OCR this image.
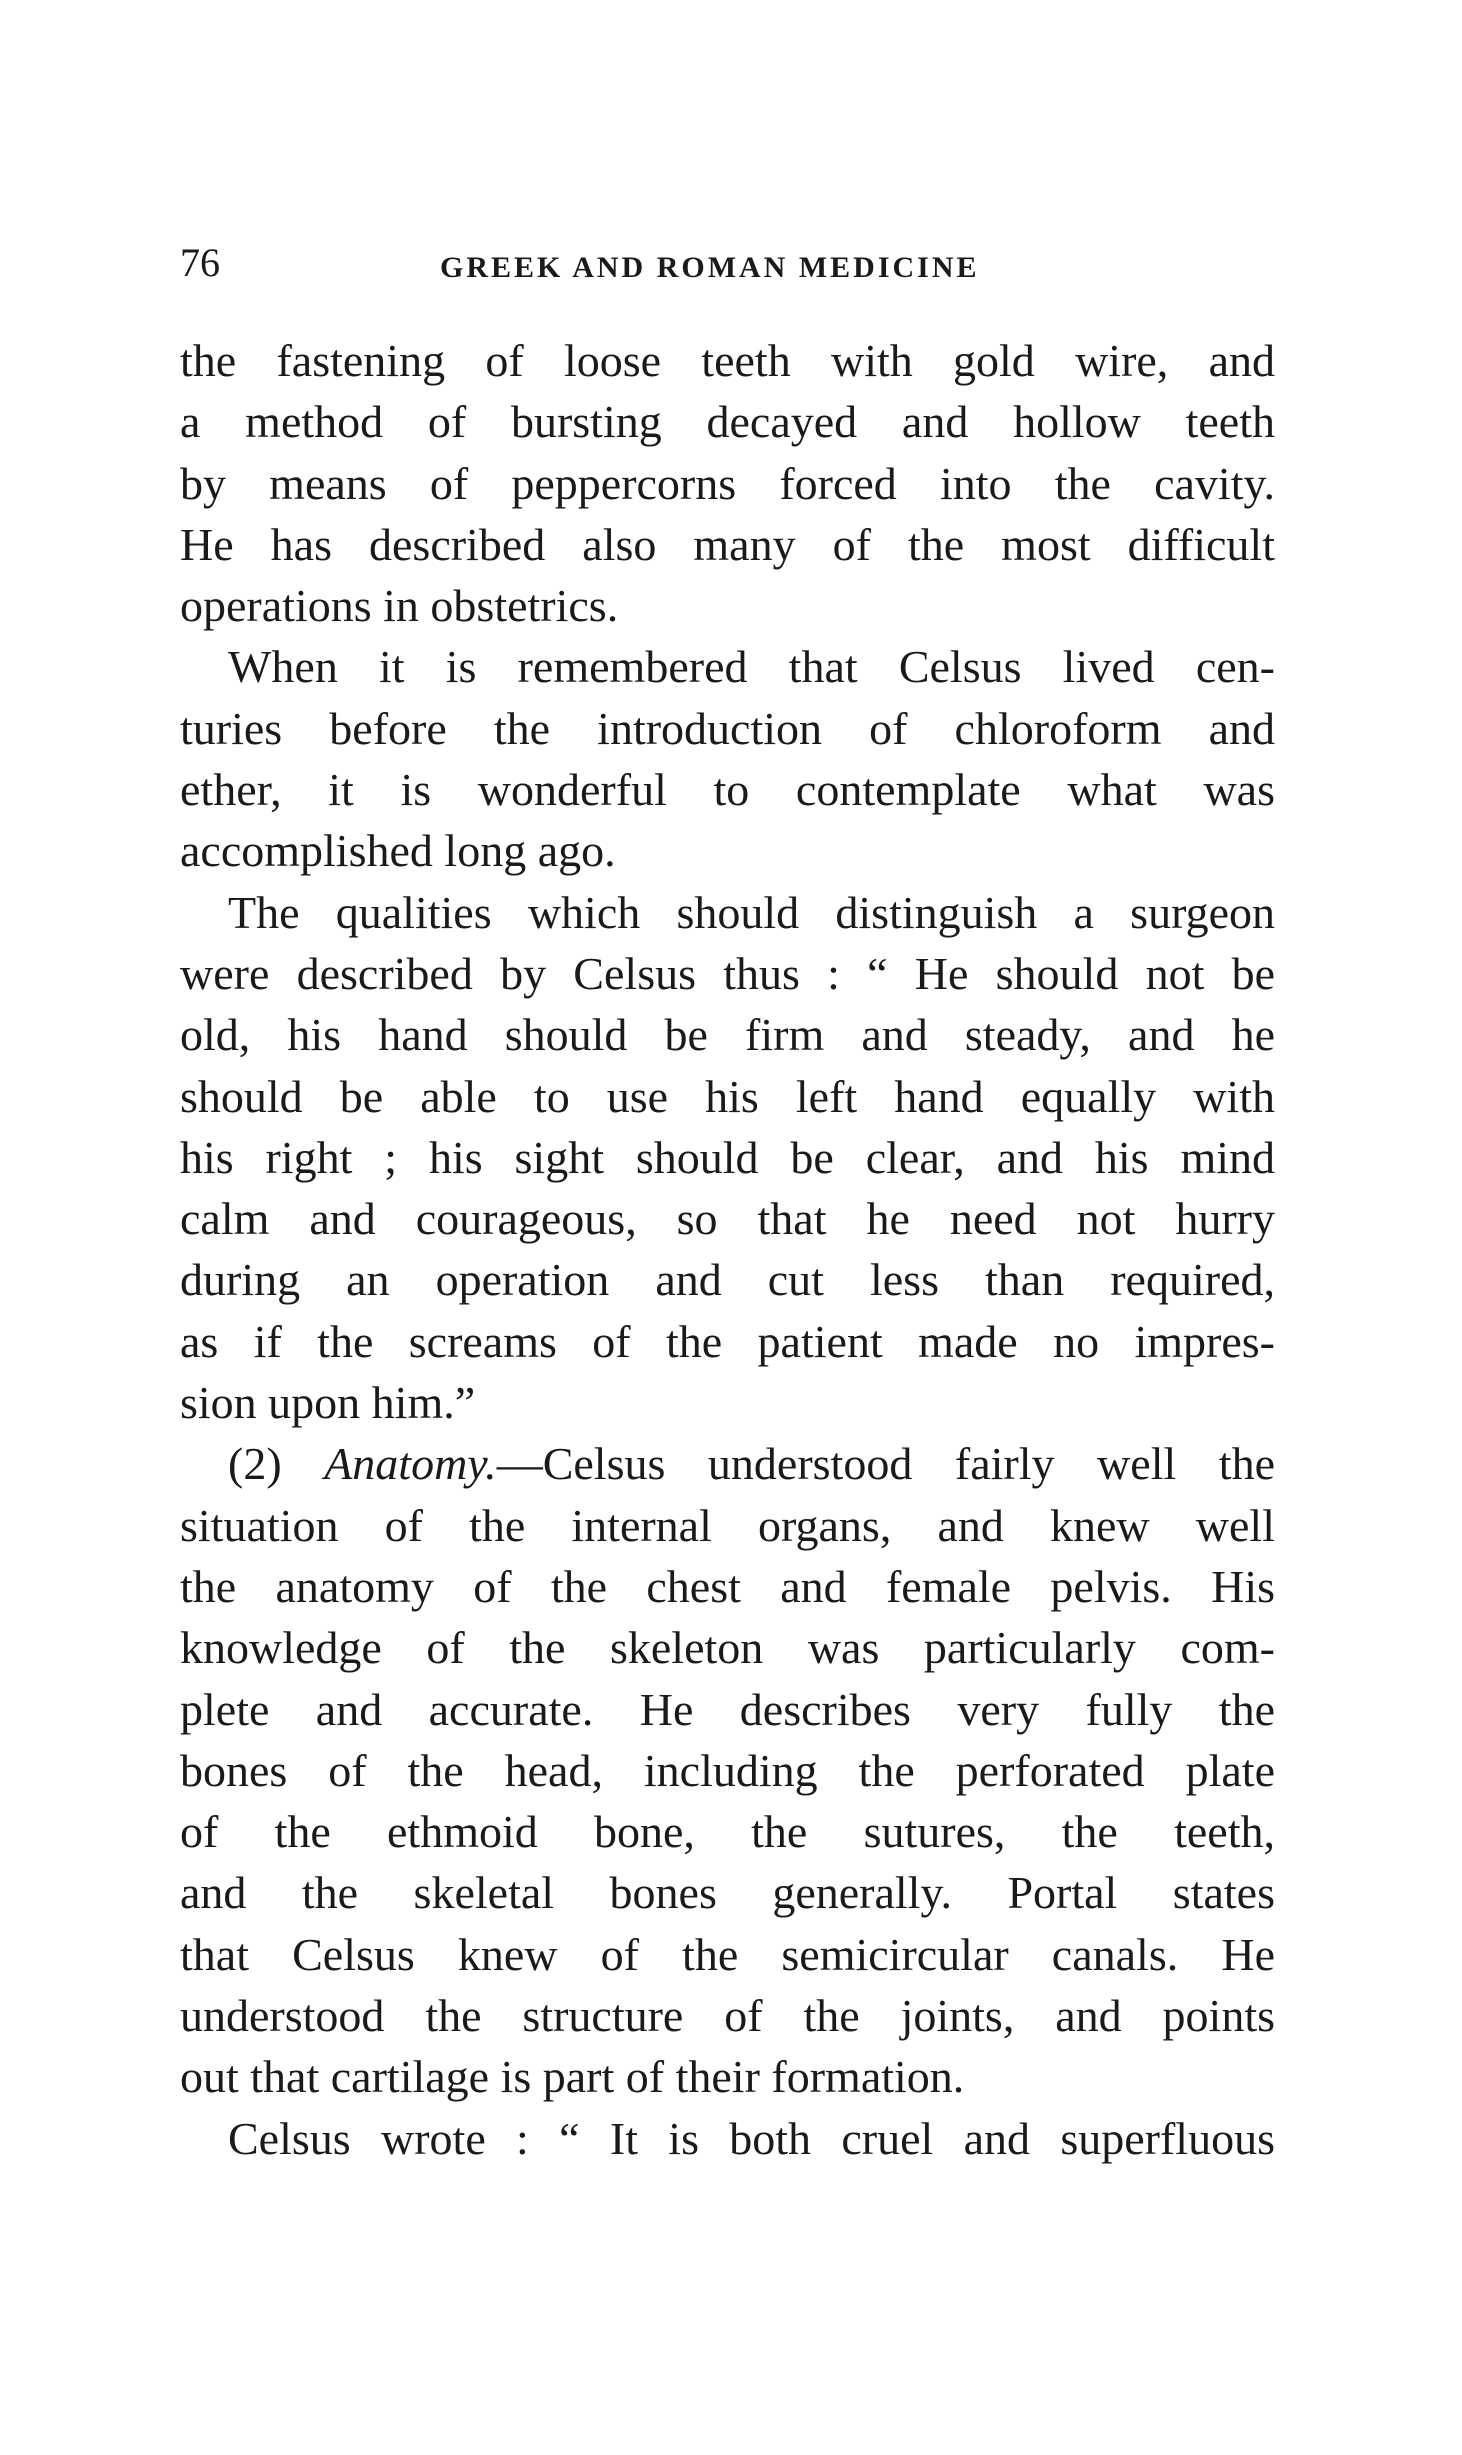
76	GREEK AND ROMAN MEDICINE
the fastening of loose teeth with gold wire, and
a method of bursting decayed and hollow teeth
by means of peppercorns forced into the cavity.
He has described also many of the most difficult
operations in obstetrics.
When it is remembered that Celsus lived cen-
turies before the introduction of chloroform and
ether, it is wonderful to contemplate what was
accomplished long ago.
The qualities which should distinguish a surgeon
were described by Celsus thus : “ He should not be
old, his hand should be firm and steady, and he
should be able to use his left hand equally with
his right ; his sight should be clear, and his mind
calm and courageous, so that he need not hurry
during an operation and cut less than required,
as if the screams of the patient made no impres-
sion upon him.”
(2) Anatomy.—Celsus understood fairly well the
situation of the internal organs, and knew well
the anatomy of the chest and female pelvis. His
knowledge of the skeleton was particularly com-
plete and accurate. He describes very fully the
bones of the head, including the perforated plate
of the ethmoid bone, the sutures, the teeth,
and the skeletal bones generally. Portal states
that Celsus knew of the semicircular canals. He
understood the structure of the joints, and points
out that cartilage is part of their formation.
Celsus wrote : “ It is both cruel and superfluous
